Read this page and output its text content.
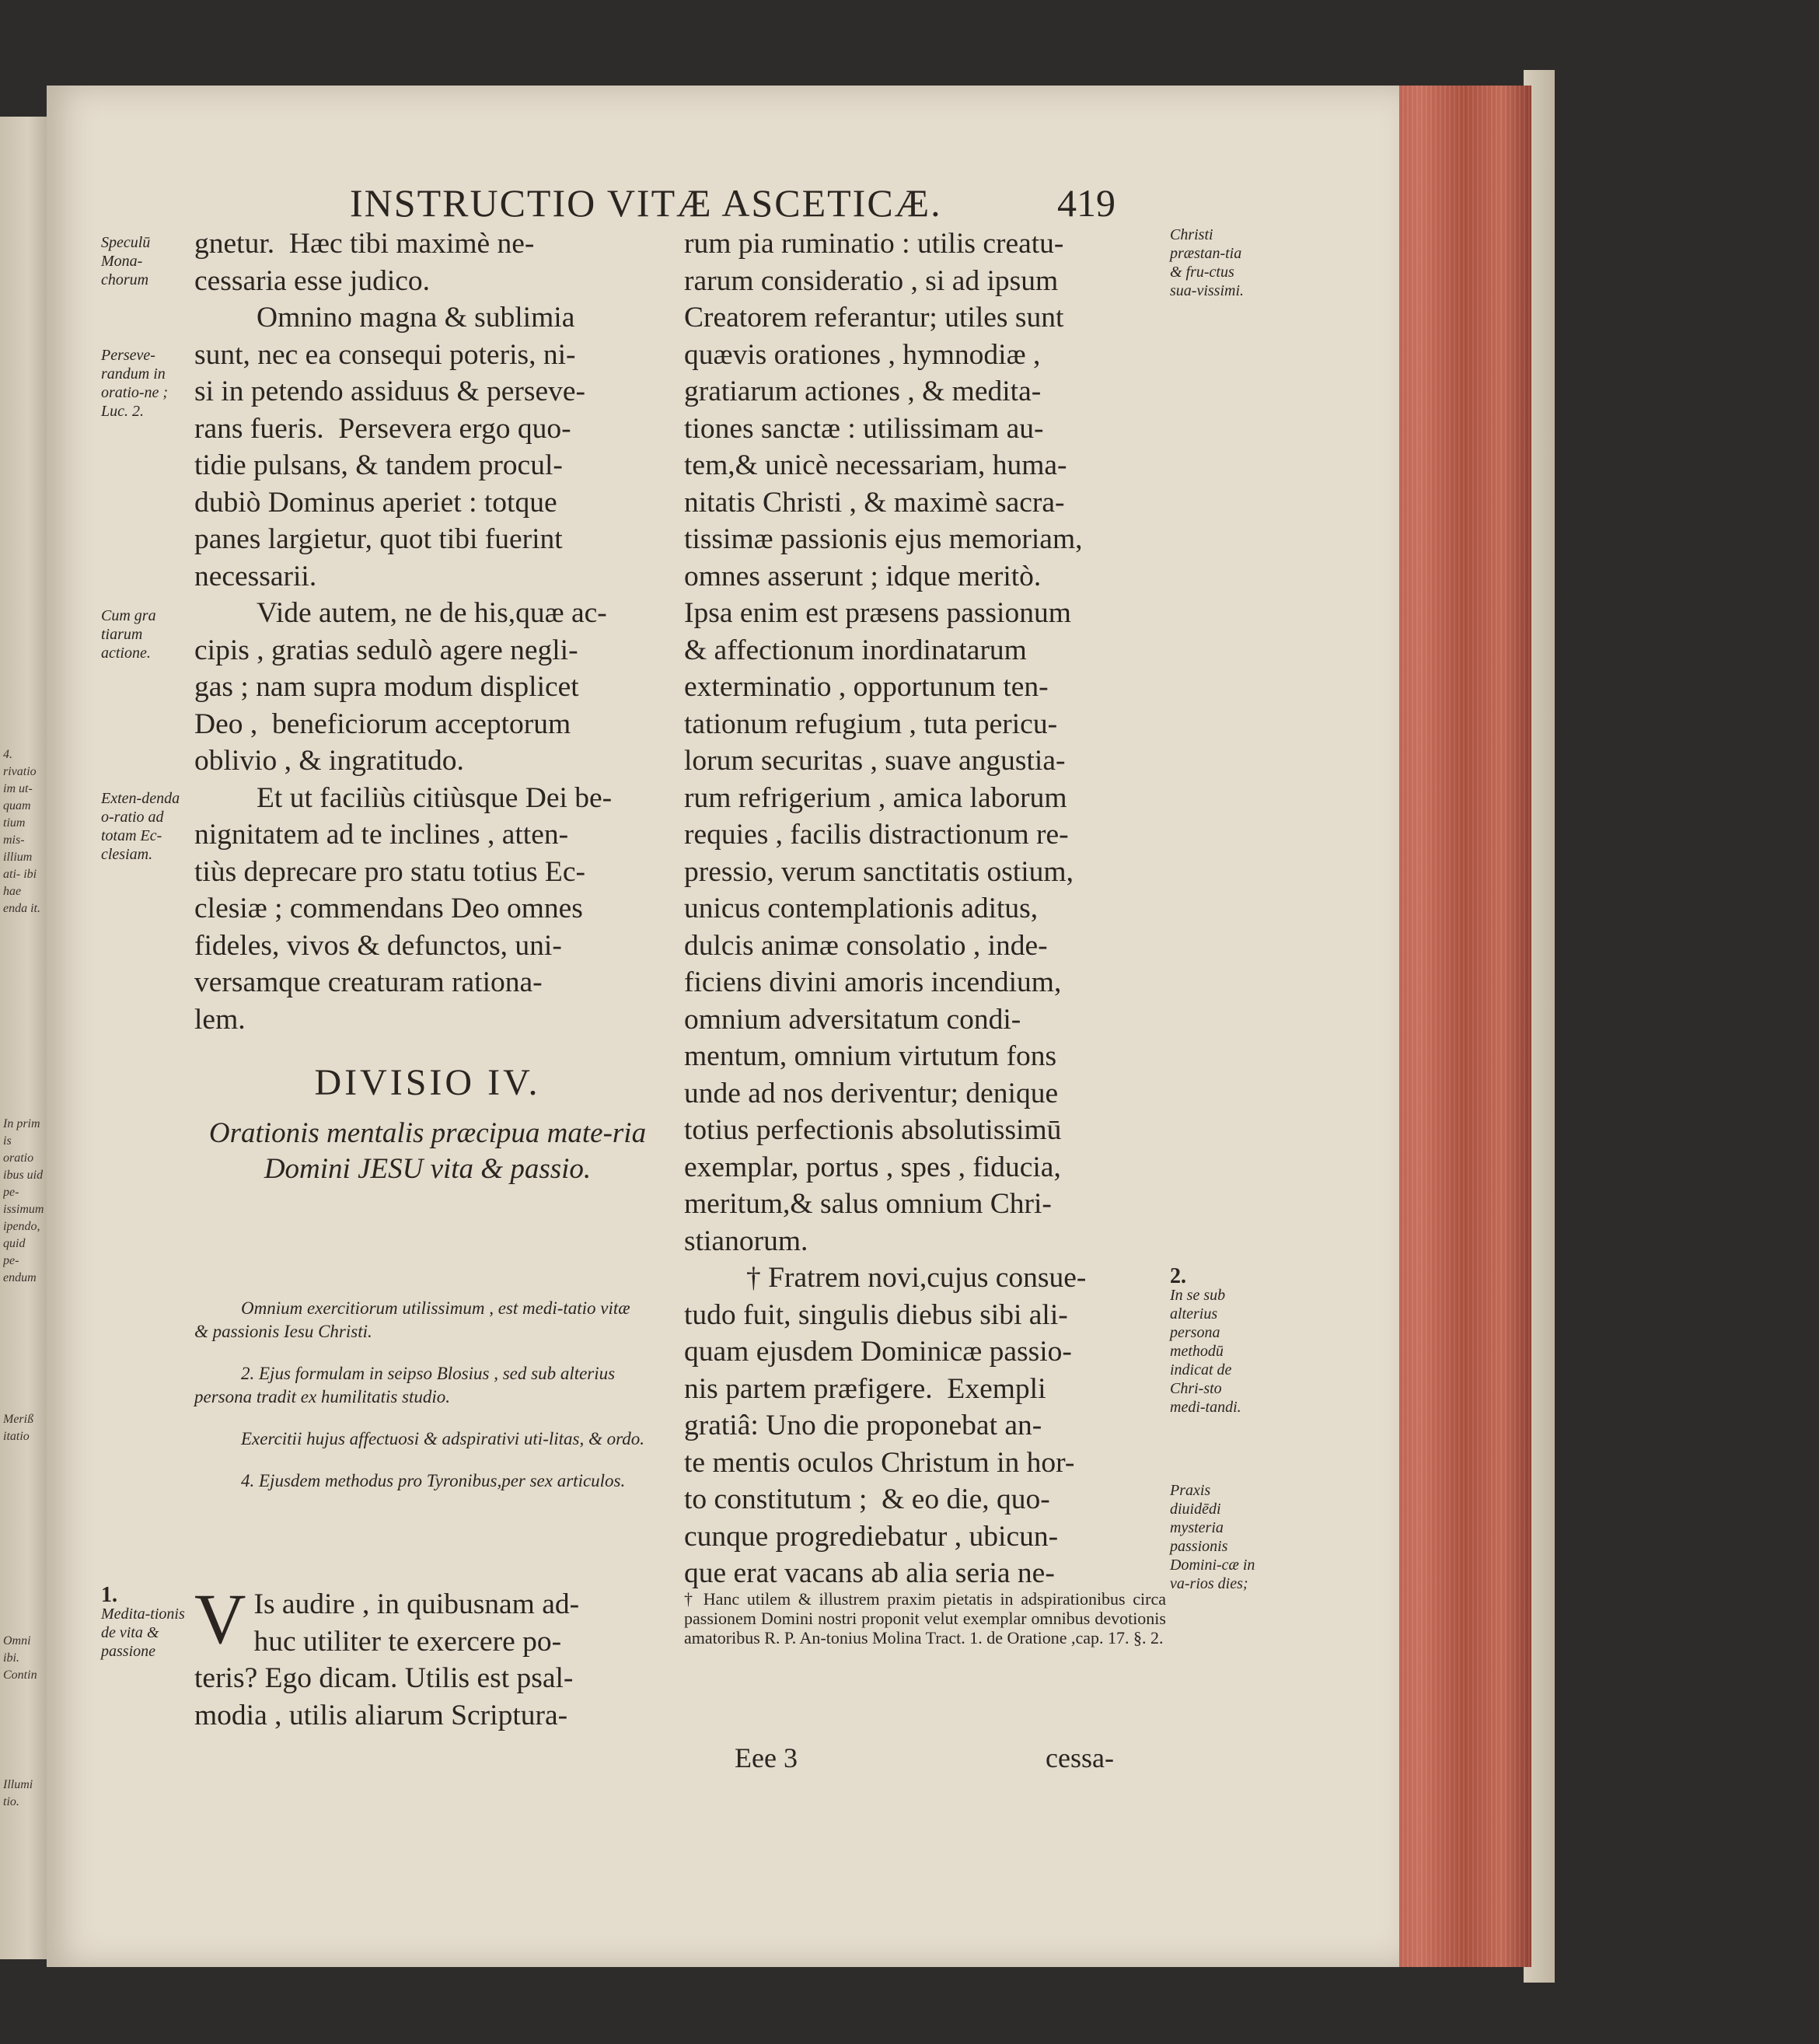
4. rivatio im ut- quam tium mis- illium ati- ibi hae enda it.
In prim is oratio ibus uid pe- issimum ipendo, quid pe- endum
Meriß itatio
Omni ibi. Contin
Illumi tio.
INSTRUCTIO VITÆ ASCETICÆ.	419
gnetur.  Hæc tibi maximè ne-
cessaria esse judico.
Omnino magna & sublimia
sunt, nec ea consequi poteris, ni-
si in petendo assiduus & perseve-
rans fueris.  Persevera ergo quo-
tidie pulsans, & tandem procul-
dubiò Dominus aperiet : totque
panes largietur, quot tibi fuerint
necessarii.
Vide autem, ne de his,quæ ac-
cipis , gratias sedulò agere negli-
gas ; nam supra modum displicet
Deo ,  beneficiorum acceptorum
oblivio , & ingratitudo.
Et ut faciliùs citiùsque Dei be-
nignitatem ad te inclines , atten-
tiùs deprecare pro statu totius Ec-
clesiæ ; commendans Deo omnes
fideles, vivos & defunctos, uni-
versamque creaturam rationa-
lem.
DIVISIO IV.
Orationis mentalis præcipua mate-ria Domini JESU vita & passio.

Omnium exercitiorum utilissimum , est medi-tatio vitæ & passionis Iesu Christi.

2. Ejus formulam in seipso Blosius , sed sub alterius persona tradit ex humilitatis studio.

Exercitii hujus affectuosi & adspirativi uti-litas, & ordo.

4. Ejusdem methodus pro Tyronibus,per sex articulos.

V Is audire , in quibusnam ad-
huc utiliter te exercere po-
teris? Ego dicam. Utilis est psal-
modia , utilis aliarum Scriptura-
rum pia ruminatio : utilis creatu-
rarum consideratio , si ad ipsum
Creatorem referantur; utiles sunt
quævis orationes , hymnodiæ ,
gratiarum actiones , & medita-
tiones sanctæ : utilissimam au-
tem,& unicè necessariam, huma-
nitatis Christi , & maximè sacra-
tissimæ passionis ejus memoriam,
omnes asserunt ; idque meritò.
Ipsa enim est præsens passionum
& affectionum inordinatarum
exterminatio , opportunum ten-
tationum refugium , tuta pericu-
lorum securitas , suave angustia-
rum refrigerium , amica laborum
requies , facilis distractionum re-
pressio, verum sanctitatis ostium,
unicus contemplationis aditus,
dulcis animæ consolatio , inde-
ficiens divini amoris incendium,
omnium adversitatum condi-
mentum, omnium virtutum fons
unde ad nos deriventur; denique
totius perfectionis absolutissimū
exemplar, portus , spes , fiducia,
meritum,& salus omnium Chri-
stianorum.
† Fratrem novi,cujus consue-
tudo fuit, singulis diebus sibi ali-
quam ejusdem Dominicæ passio-
nis partem præfigere.  Exempli
gratiâ: Uno die proponebat an-
te mentis oculos Christum in hor-
to constitutum ;  & eo die, quo-
cunque progrediebatur , ubicun-
que erat vacans ab alia seria ne-
† Hanc utilem & illustrem praxim pietatis in adspirationibus circa passionem Domini nostri proponit velut exemplar omnibus devotionis amatoribus R. P. An-tonius Molina Tract. 1. de Oratione ,cap. 17. §. 2.
Speculū Mona-chorum
Perseve-randum in oratio-ne ; Luc. 2.
Cum gra tiarum actione.
Exten-denda o-ratio ad totam Ec-clesiam.
1.
Medita-tionis de vita & passione
Christi præstan-tia & fru-ctus sua-vissimi.
2.
In se sub alterius persona methodū indicat de Chri-sto medi-tandi.
Praxis diuidēdi mysteria passionis Domini-cæ in va-rios dies;
Eee 3	cessa-
